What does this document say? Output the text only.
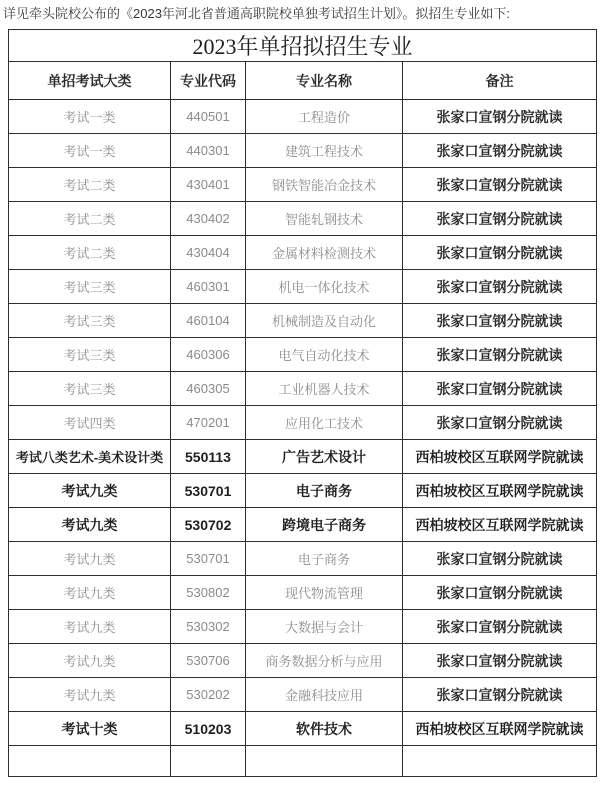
详见牵头院校公布的《2023年河北省普通高职院校单独考试招生计划》。拟招生专业如下:
2023年单招拟招生专业			
单招考试大类	专业代码	专业名称	备注
考试一类	440501	工程造价	张家口宣钢分院就读
考试一类	440301	建筑工程技术	张家口宣钢分院就读
考试二类	430401	钢铁智能冶金技术	张家口宣钢分院就读
考试二类	430402	智能轧钢技术	张家口宣钢分院就读
考试二类	430404	金属材料检测技术	张家口宣钢分院就读
考试三类	460301	机电一体化技术	张家口宣钢分院就读
考试三类	460104	机械制造及自动化	张家口宣钢分院就读
考试三类	460306	电气自动化技术	张家口宣钢分院就读
考试三类	460305	工业机器人技术	张家口宣钢分院就读
考试四类	470201	应用化工技术	张家口宣钢分院就读
考试八类艺术-美术设计类	550113	广告艺术设计	西柏坡校区互联网学院就读
考试九类	530701	电子商务	西柏坡校区互联网学院就读
考试九类	530702	跨境电子商务	西柏坡校区互联网学院就读
考试九类	530701	电子商务	张家口宣钢分院就读
考试九类	530802	现代物流管理	张家口宣钢分院就读
考试九类	530302	大数据与会计	张家口宣钢分院就读
考试九类	530706	商务数据分析与应用	张家口宣钢分院就读
考试九类	530202	金融科技应用	张家口宣钢分院就读
考试十类	510203	软件技术	西柏坡校区互联网学院就读
